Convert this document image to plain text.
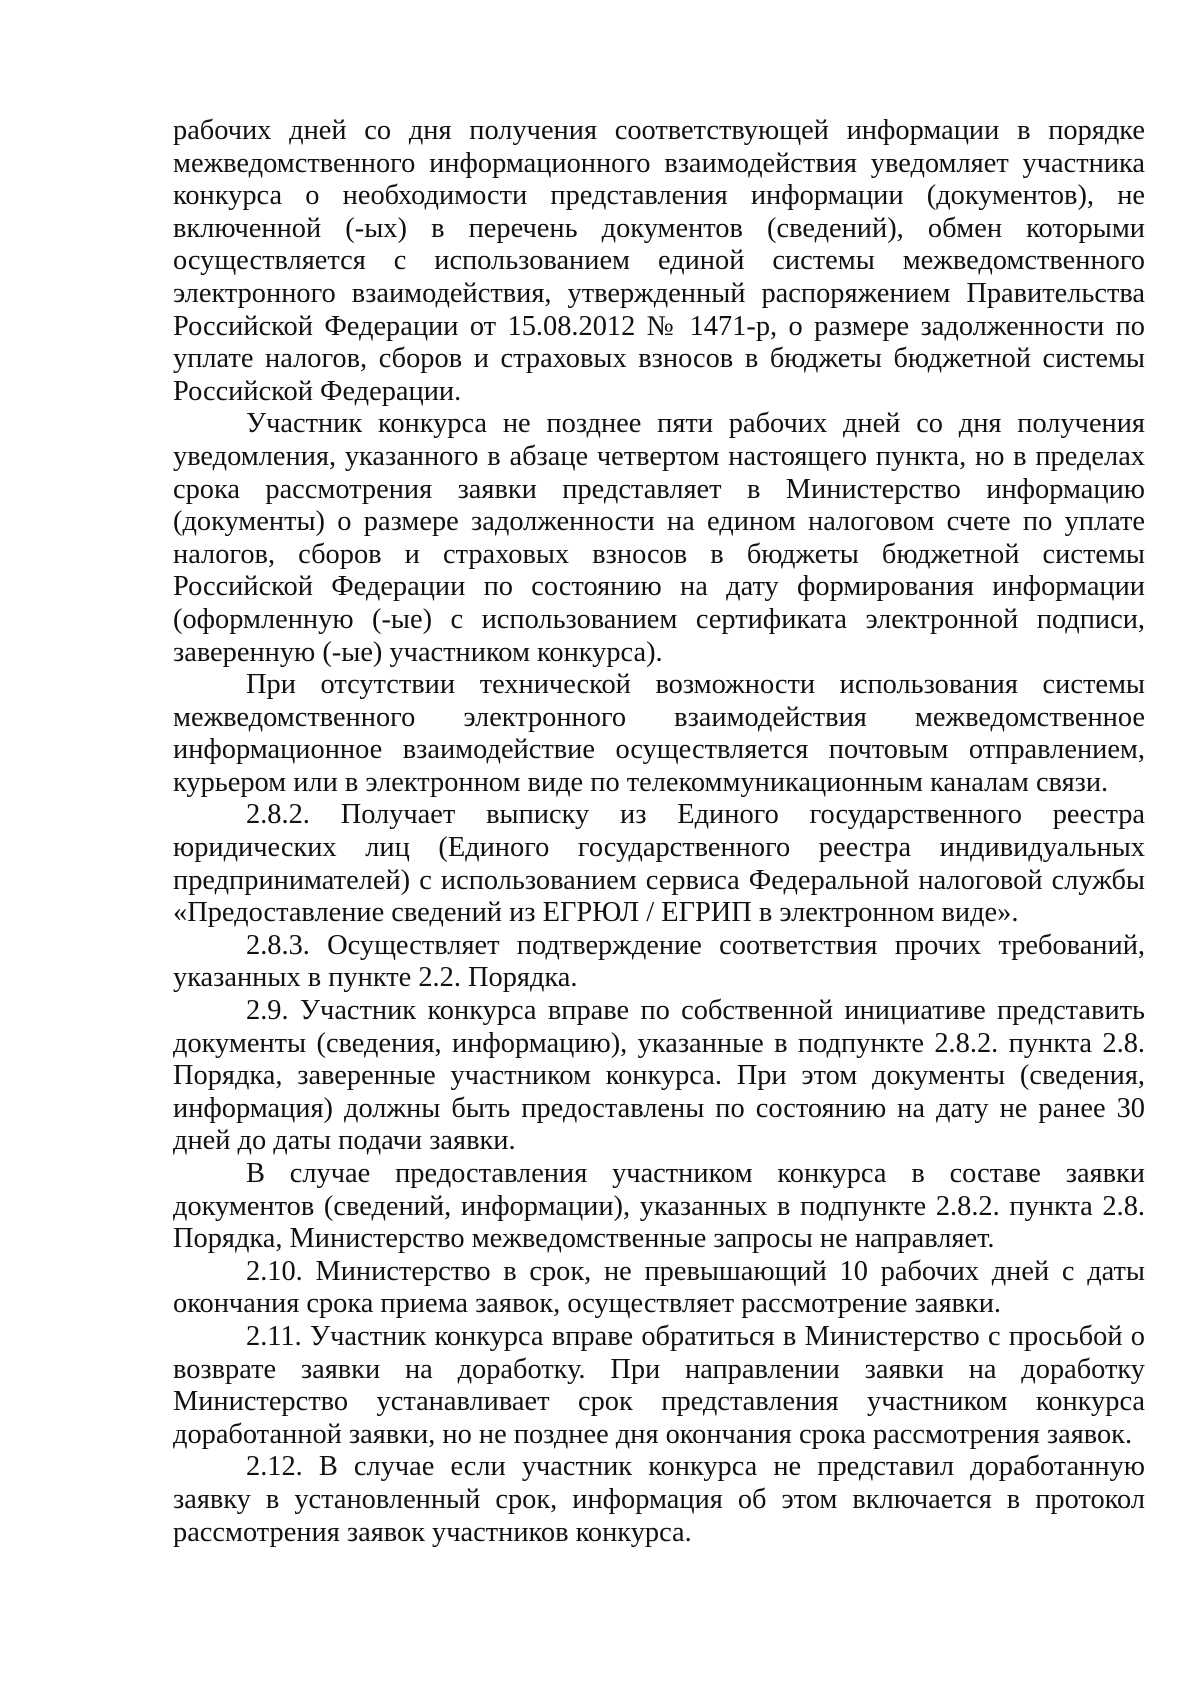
рабочих дней со дня получения соответствующей информации в порядке межведомственного информационного взаимодействия уведомляет участника конкурса о необходимости представления информации (документов), не включенной (-ых) в перечень документов (сведений), обмен которыми осуществляется с использованием единой системы межведомственного электронного взаимодействия, утвержденный распоряжением Правительства Российской Федерации от 15.08.2012 № 1471-р, о размере задолженности по уплате налогов, сборов и страховых взносов в бюджеты бюджетной системы Российской Федерации.

Участник конкурса не позднее пяти рабочих дней со дня получения уведомления, указанного в абзаце четвертом настоящего пункта, но в пределах срока рассмотрения заявки представляет в Министерство информацию (документы) о размере задолженности на едином налоговом счете по уплате налогов, сборов и страховых взносов в бюджеты бюджетной системы Российской Федерации по состоянию на дату формирования информации (оформленную (-ые) с использованием сертификата электронной подписи, заверенную (-ые) участником конкурса).

При отсутствии технической возможности использования системы межведомственного электронного взаимодействия межведомственное информационное взаимодействие осуществляется почтовым отправлением, курьером или в электронном виде по телекоммуникационным каналам связи.

2.8.2. Получает выписку из Единого государственного реестра юридических лиц (Единого государственного реестра индивидуальных предпринимателей) с использованием сервиса Федеральной налоговой службы «Предоставление сведений из ЕГРЮЛ / ЕГРИП в электронном виде».

2.8.3. Осуществляет подтверждение соответствия прочих требований, указанных в пункте 2.2. Порядка.

2.9. Участник конкурса вправе по собственной инициативе представить документы (сведения, информацию), указанные в подпункте 2.8.2. пункта 2.8. Порядка, заверенные участником конкурса. При этом документы (сведения, информация) должны быть предоставлены по состоянию на дату не ранее 30 дней до даты подачи заявки.

В случае предоставления участником конкурса в составе заявки документов (сведений, информации), указанных в подпункте 2.8.2. пункта 2.8. Порядка, Министерство межведомственные запросы не направляет.

2.10. Министерство в срок, не превышающий 10 рабочих дней с даты окончания срока приема заявок, осуществляет рассмотрение заявки.

2.11. Участник конкурса вправе обратиться в Министерство с просьбой о возврате заявки на доработку. При направлении заявки на доработку Министерство устанавливает срок представления участником конкурса доработанной заявки, но не позднее дня окончания срока рассмотрения заявок.

2.12. В случае если участник конкурса не представил доработанную заявку в установленный срок, информация об этом включается в протокол рассмотрения заявок участников конкурса.
